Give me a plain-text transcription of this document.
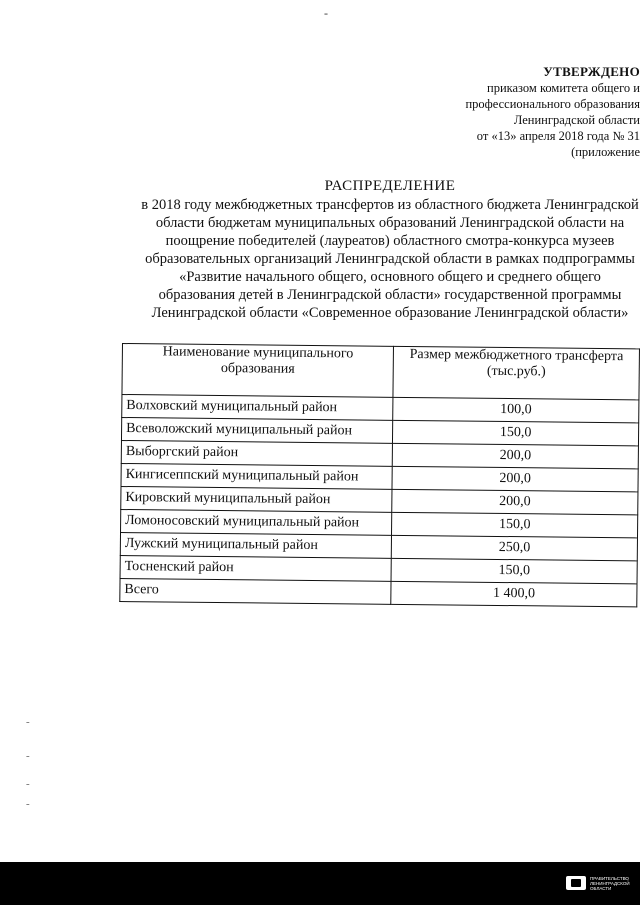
-
УТВЕРЖДЕНО
приказом комитета общего и
профессионального образования
Ленинградской области
от «13» апреля 2018 года № 31
(приложение
РАСПРЕДЕЛЕНИЕ
в 2018 году межбюджетных трансфертов из областного бюджета Ленинградской области бюджетам муниципальных образований Ленинградской области на поощрение победителей (лауреатов) областного смотра-конкурса музеев образовательных организаций Ленинградской области в рамках подпрограммы «Развитие начального общего, основного общего и среднего общего образования детей в Ленинградской области» государственной программы Ленинградской области «Современное образование Ленинградской области»
Наименование муниципального образования	Размер межбюджетного трансферта (тыс.руб.)
Волховский муниципальный район	100,0
Всеволожский муниципальный район	150,0
Выборгский район	200,0
Кингисеппский муниципальный район	200,0
Кировский муниципальный район	200,0
Ломоносовский муниципальный район	150,0
Лужский муниципальный район	250,0
Тосненский район	150,0
Всего	1 400,0
-
-
-
-
ПРАВИТЕЛЬСТВО ЛЕНИНГРАДСКОЙ ОБЛАСТИ
